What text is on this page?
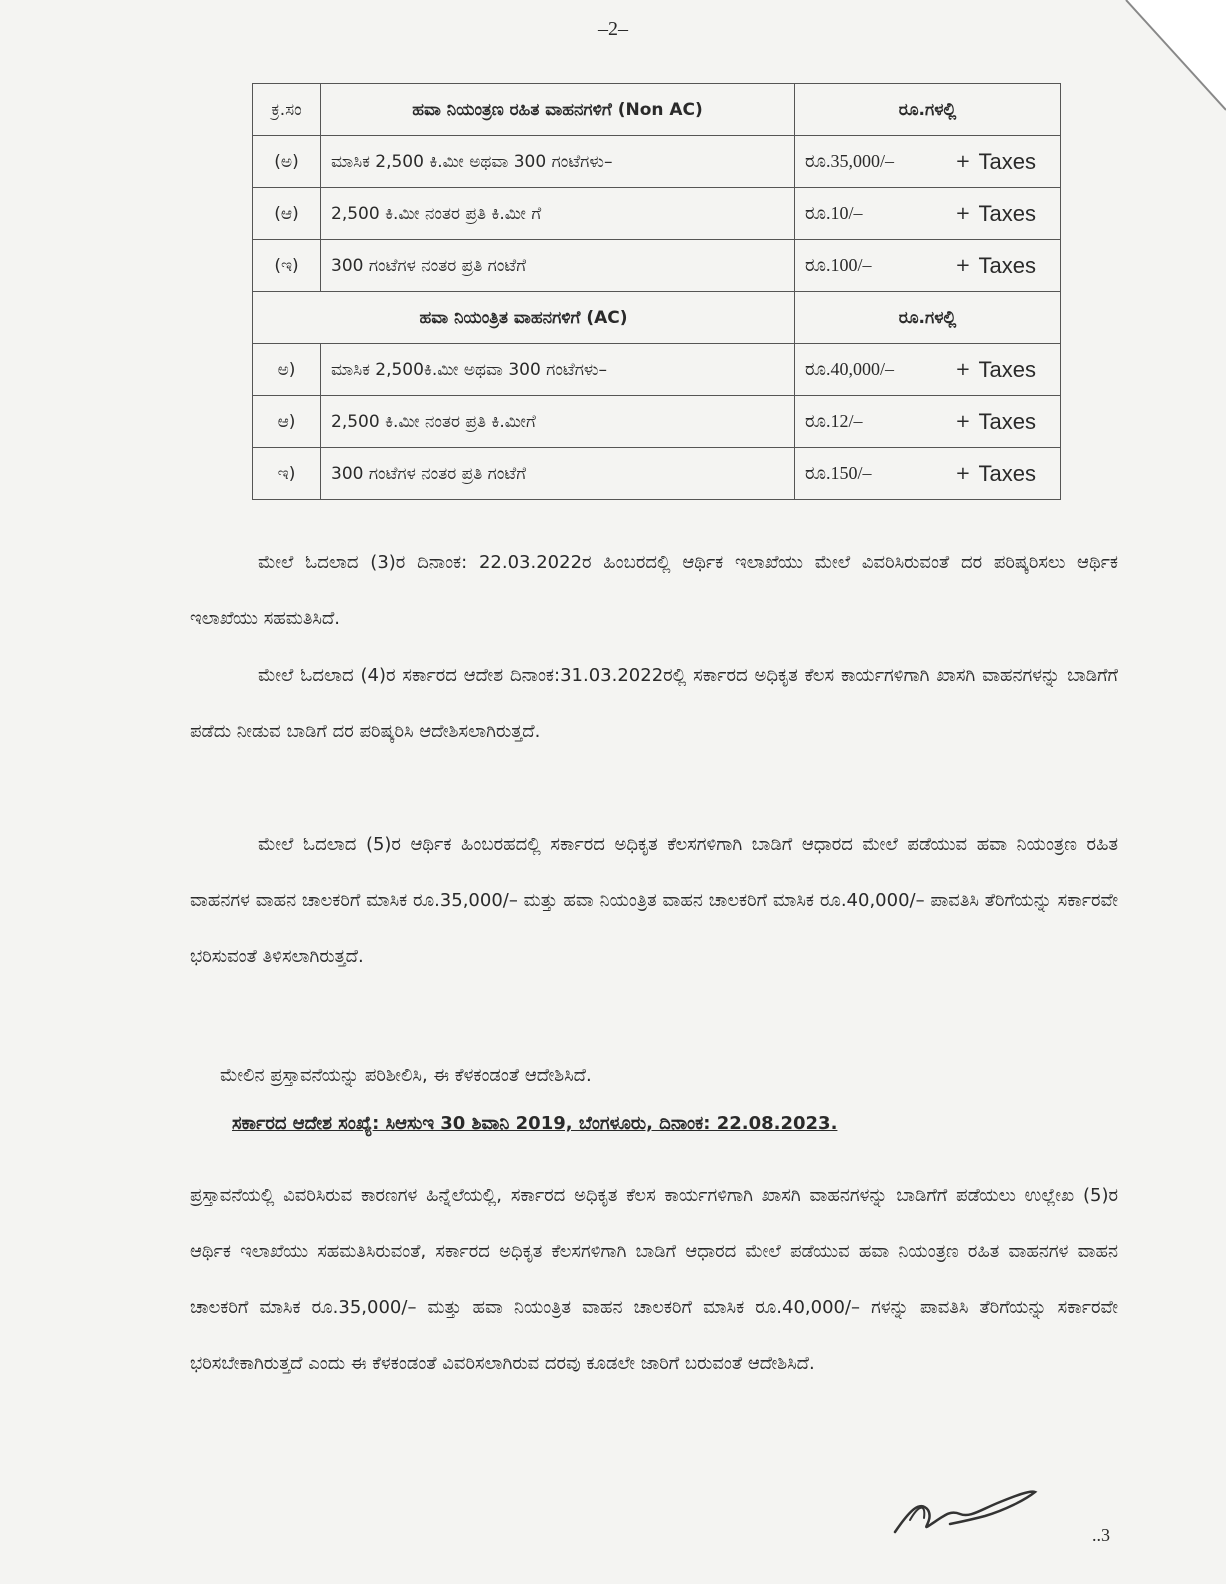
–2–
ಕ್ರ.ಸಂ	ಹವಾ ನಿಯಂತ್ರಣ ರಹಿತ ವಾಹನಗಳಿಗೆ (Non AC)	ರೂ.ಗಳಲ್ಲಿ
(ಅ)	ಮಾಸಿಕ 2,500 ಕಿ.ಮೀ ಅಥವಾ 300 ಗಂಟೆಗಳು–	ರೂ.35,000/– + Taxes

(ಆ)	2,500 ಕಿ.ಮೀ ನಂತರ ಪ್ರತಿ ಕಿ.ಮೀ ಗೆ	ರೂ.10/– + Taxes

(ಇ)	300 ಗಂಟೆಗಳ ನಂತರ ಪ್ರತಿ ಗಂಟೆಗೆ	ರೂ.100/– + Taxes

ಹವಾ ನಿಯಂತ್ರಿತ ವಾಹನಗಳಿಗೆ (AC)		ರೂ.ಗಳಲ್ಲಿ
ಅ)	ಮಾಸಿಕ 2,500ಕಿ.ಮೀ ಅಥವಾ 300 ಗಂಟೆಗಳು–	ರೂ.40,000/– + Taxes

ಆ)	2,500 ಕಿ.ಮೀ ನಂತರ ಪ್ರತಿ ಕಿ.ಮೀಗೆ	ರೂ.12/– + Taxes

ಇ)	300 ಗಂಟೆಗಳ ನಂತರ ಪ್ರತಿ ಗಂಟೆಗೆ	ರೂ.150/– + Taxes
ಮೇಲೆ ಓದಲಾದ (3)ರ ದಿನಾಂಕ: 22.03.2022ರ ಹಿಂಬರದಲ್ಲಿ ಆರ್ಥಿಕ ಇಲಾಖೆಯು ಮೇಲೆ ವಿವರಿಸಿರುವಂತೆ ದರ ಪರಿಷ್ಕರಿಸಲು ಆರ್ಥಿಕ ಇಲಾಖೆಯು ಸಹಮತಿಸಿದೆ.
ಮೇಲೆ ಓದಲಾದ (4)ರ ಸರ್ಕಾರದ ಆದೇಶ ದಿನಾಂಕ:31.03.2022ರಲ್ಲಿ ಸರ್ಕಾರದ ಅಧಿಕೃತ ಕೆಲಸ ಕಾರ್ಯಗಳಿಗಾಗಿ ಖಾಸಗಿ ವಾಹನಗಳನ್ನು ಬಾಡಿಗೆಗೆ ಪಡೆದು ನೀಡುವ ಬಾಡಿಗೆ ದರ ಪರಿಷ್ಕರಿಸಿ ಆದೇಶಿಸಲಾಗಿರುತ್ತದೆ.
ಮೇಲೆ ಓದಲಾದ (5)ರ ಆರ್ಥಿಕ ಹಿಂಬರಹದಲ್ಲಿ ಸರ್ಕಾರದ ಅಧಿಕೃತ ಕೆಲಸಗಳಿಗಾಗಿ ಬಾಡಿಗೆ ಆಧಾರದ ಮೇಲೆ ಪಡೆಯುವ ಹವಾ ನಿಯಂತ್ರಣ ರಹಿತ ವಾಹನಗಳ ವಾಹನ ಚಾಲಕರಿಗೆ ಮಾಸಿಕ ರೂ.35,000/– ಮತ್ತು ಹವಾ ನಿಯಂತ್ರಿತ ವಾಹನ ಚಾಲಕರಿಗೆ ಮಾಸಿಕ ರೂ.40,000/– ಪಾವತಿಸಿ ತೆರಿಗೆಯನ್ನು ಸರ್ಕಾರವೇ ಭರಿಸುವಂತೆ ತಿಳಿಸಲಾಗಿರುತ್ತದೆ.
ಮೇಲಿನ ಪ್ರಸ್ತಾವನೆಯನ್ನು ಪರಿಶೀಲಿಸಿ, ಈ ಕೆಳಕಂಡಂತೆ ಆದೇಶಿಸಿದೆ.
ಸರ್ಕಾರದ ಆದೇಶ ಸಂಖ್ಯೆ: ಸಿಆಸುಇ 30 ಶಿವಾನಿ 2019, ಬೆಂಗಳೂರು, ದಿನಾಂಕ: 22.08.2023.
ಪ್ರಸ್ತಾವನೆಯಲ್ಲಿ ವಿವರಿಸಿರುವ ಕಾರಣಗಳ ಹಿನ್ನೆಲೆಯಲ್ಲಿ, ಸರ್ಕಾರದ ಅಧಿಕೃತ ಕೆಲಸ ಕಾರ್ಯಗಳಿಗಾಗಿ ಖಾಸಗಿ ವಾಹನಗಳನ್ನು ಬಾಡಿಗೆಗೆ ಪಡೆಯಲು ಉಲ್ಲೇಖ (5)ರ ಆರ್ಥಿಕ ಇಲಾಖೆಯು ಸಹಮತಿಸಿರುವಂತೆ, ಸರ್ಕಾರದ ಅಧಿಕೃತ ಕೆಲಸಗಳಿಗಾಗಿ ಬಾಡಿಗೆ ಆಧಾರದ ಮೇಲೆ ಪಡೆಯುವ ಹವಾ ನಿಯಂತ್ರಣ ರಹಿತ ವಾಹನಗಳ ವಾಹನ ಚಾಲಕರಿಗೆ ಮಾಸಿಕ ರೂ.35,000/– ಮತ್ತು ಹವಾ ನಿಯಂತ್ರಿತ ವಾಹನ ಚಾಲಕರಿಗೆ ಮಾಸಿಕ ರೂ.40,000/– ಗಳನ್ನು ಪಾವತಿಸಿ ತೆರಿಗೆಯನ್ನು ಸರ್ಕಾರವೇ ಭರಿಸಬೇಕಾಗಿರುತ್ತದೆ ಎಂದು ಈ ಕೆಳಕಂಡಂತೆ ವಿವರಿಸಲಾಗಿರುವ ದರವು ಕೂಡಲೇ ಜಾರಿಗೆ ಬರುವಂತೆ ಆದೇಶಿಸಿದೆ.
..3
